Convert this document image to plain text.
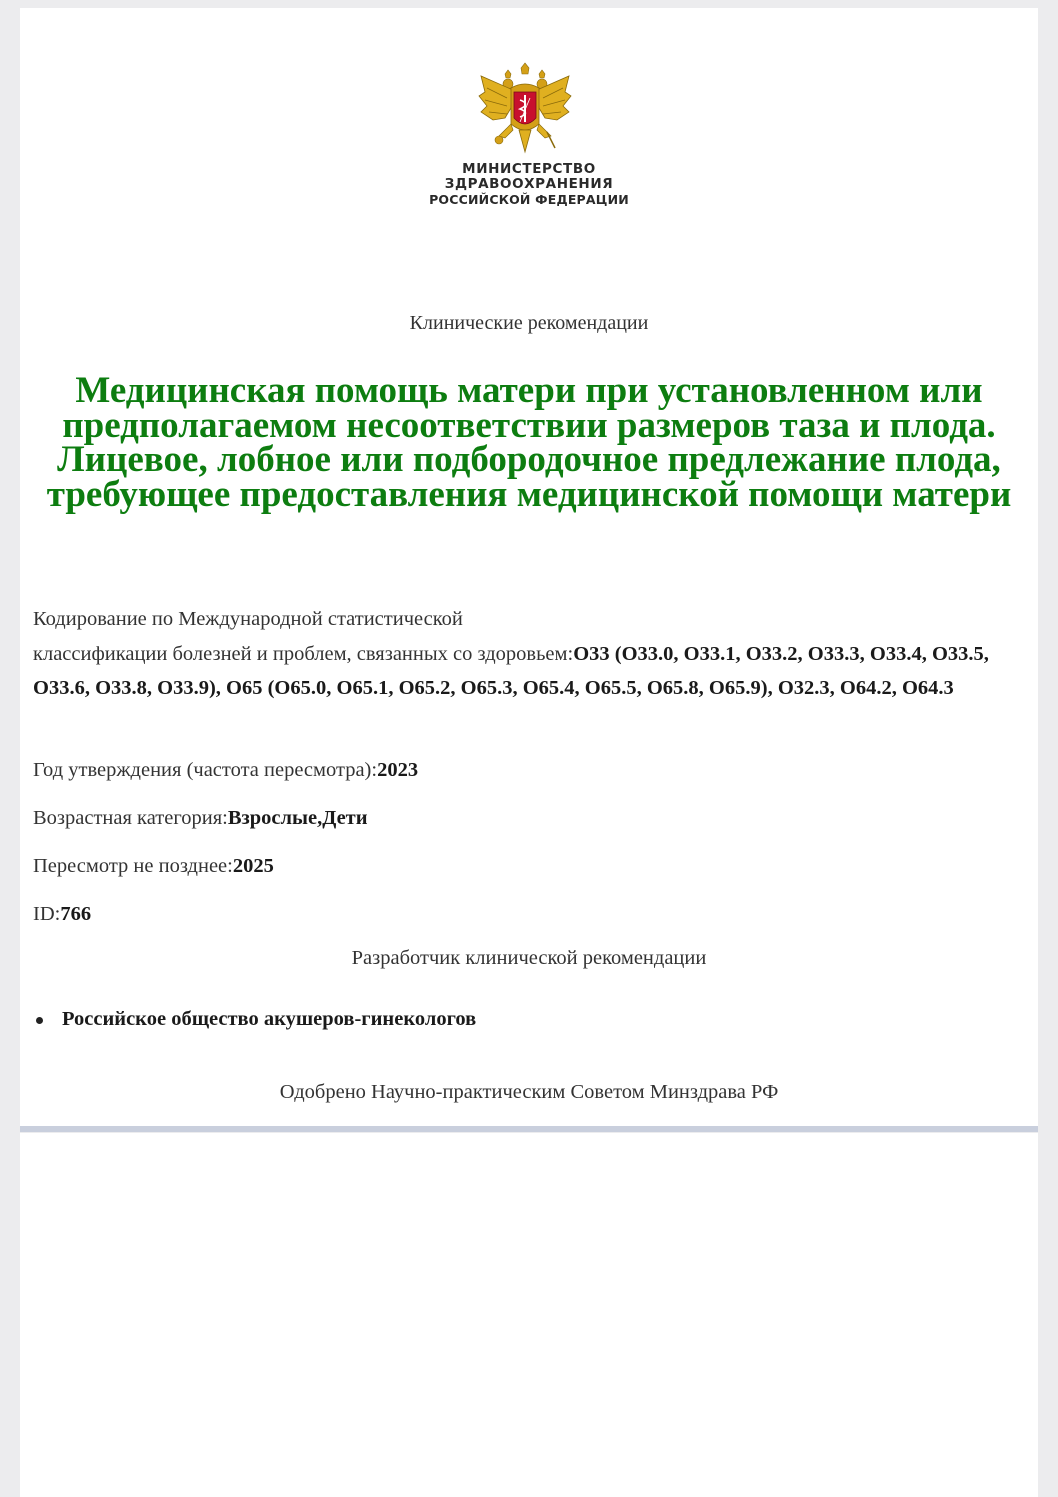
МИНИСТЕРСТВО
ЗДРАВООХРАНЕНИЯ
РОССИЙСКОЙ ФЕДЕРАЦИИ
Клинические рекомендации
Медицинская помощь матери при установленном или предполагаемом несоответствии размеров таза и плода. Лицевое, лобное или подбородочное предлежание плода, требующее предоставления медицинской помощи матери
Кодирование по Международной статистической
классификации болезней и проблем, связанных со здоровьем:O33 (O33.0, O33.1, O33.2, O33.3, O33.4, O33.5, O33.6, O33.8, O33.9), O65 (O65.0, O65.1, O65.2, O65.3, O65.4, O65.5, O65.8, O65.9), O32.3, O64.2, O64.3
Год утверждения (частота пересмотра):2023
Возрастная категория:Взрослые,Дети
Пересмотр не позднее:2025
ID:766
Разработчик клинической рекомендации
Российское общество акушеров-гинекологов
Одобрено Научно-практическим Советом Минздрава РФ
